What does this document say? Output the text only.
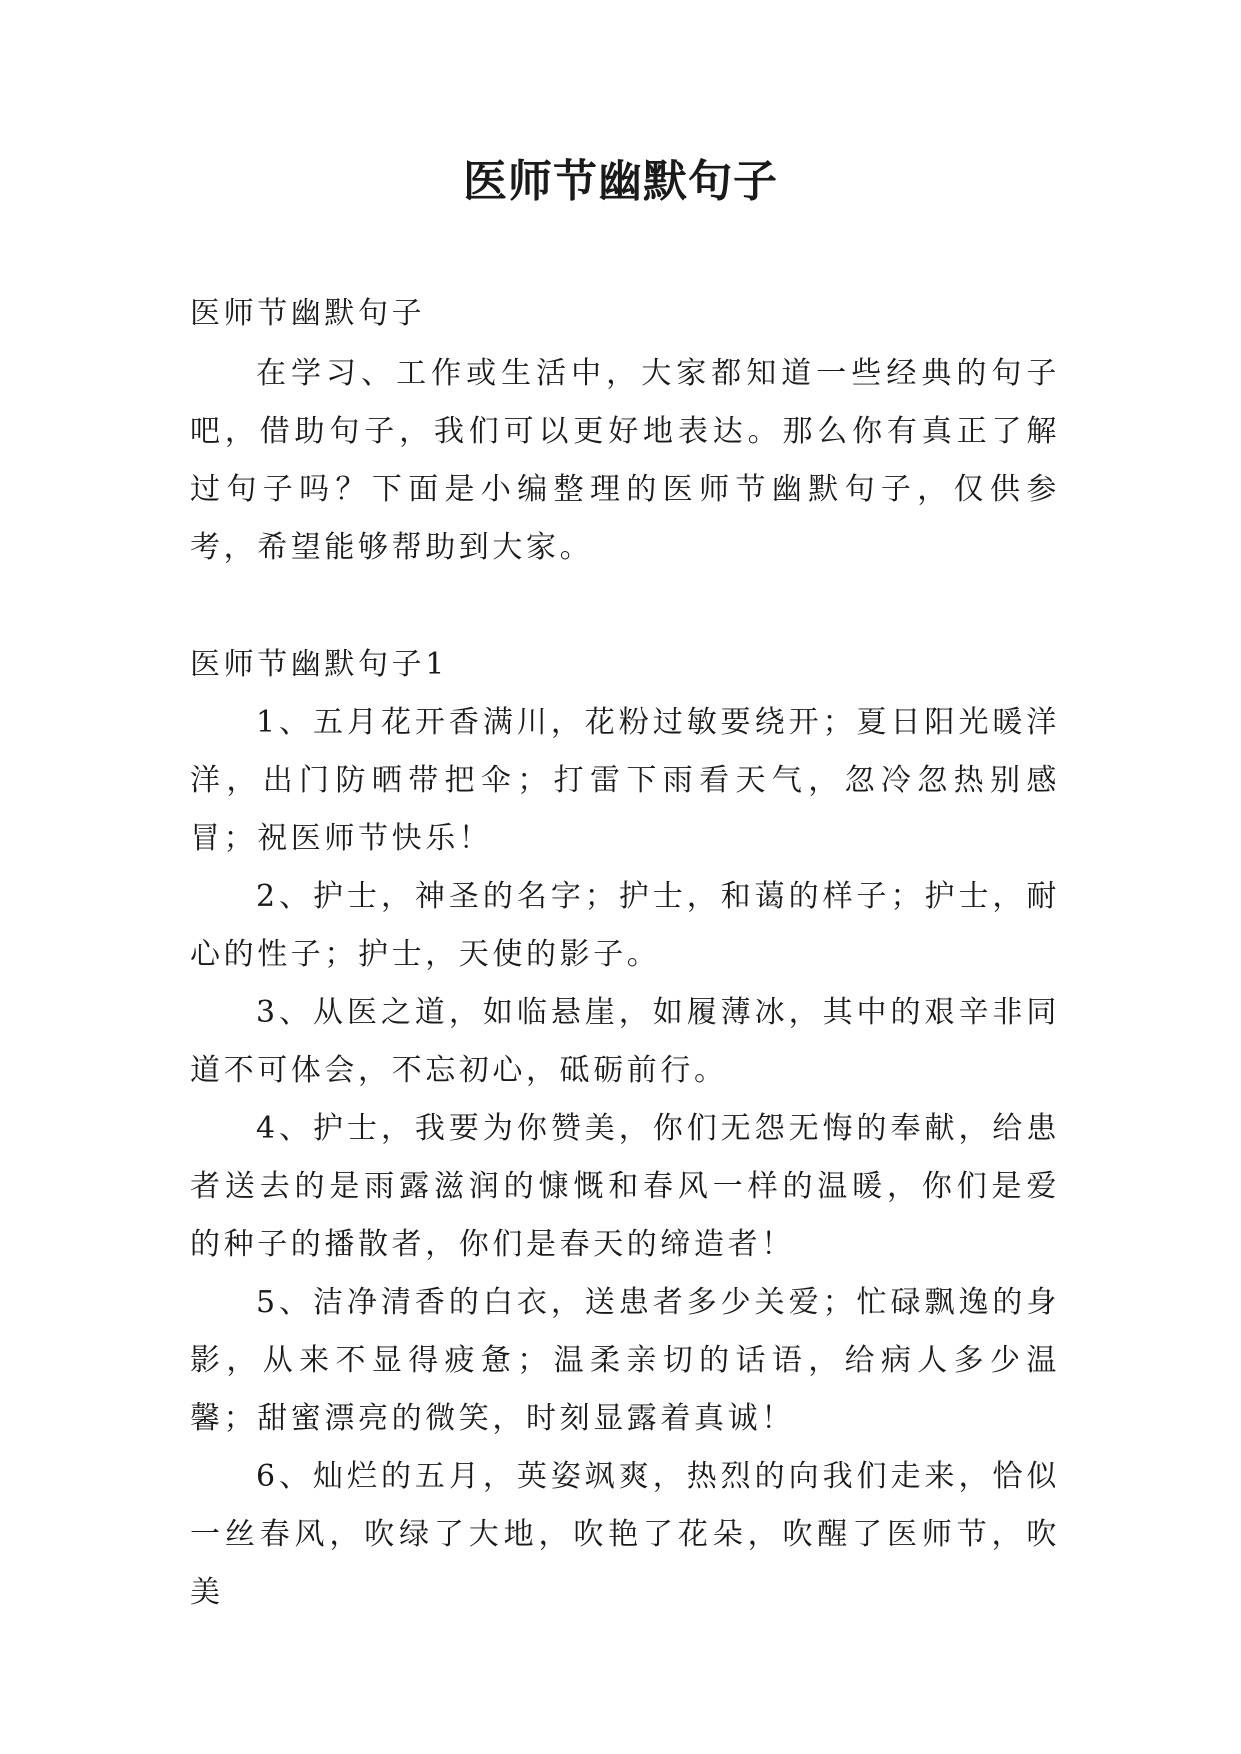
医师节幽默句子

医师节幽默句子

在学习、工作或生活中，大家都知道一些经典的句子吧，借助句子，我们可以更好地表达。那么你有真正了解过句子吗？下面是小编整理的医师节幽默句子，仅供参考，希望能够帮助到大家。

医师节幽默句子1

1、五月花开香满川，花粉过敏要绕开；夏日阳光暖洋洋，出门防晒带把伞；打雷下雨看天气，忽冷忽热别感冒；祝医师节快乐！

2、护士，神圣的名字；护士，和蔼的样子；护士，耐心的性子；护士，天使的影子。

3、从医之道，如临悬崖，如履薄冰，其中的艰辛非同道不可体会，不忘初心，砥砺前行。

4、护士，我要为你赞美，你们无怨无悔的奉献，给患者送去的是雨露滋润的慷慨和春风一样的温暖，你们是爱的种子的播散者，你们是春天的缔造者！

5、洁净清香的白衣，送患者多少关爱；忙碌飘逸的身影，从来不显得疲惫；温柔亲切的话语，给病人多少温馨；甜蜜漂亮的微笑，时刻显露着真诚！

6、灿烂的五月，英姿飒爽，热烈的向我们走来，恰似一丝春风，吹绿了大地，吹艳了花朵，吹醒了医师节，吹美
